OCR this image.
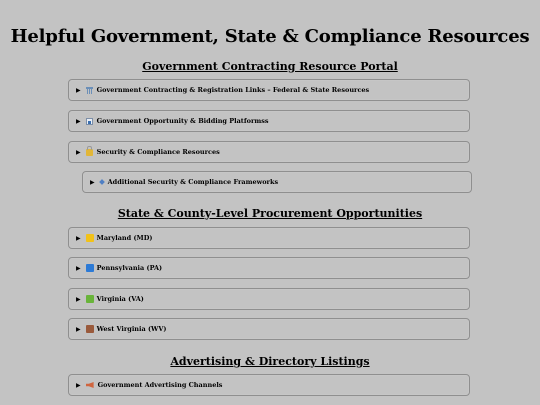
Helpful Government, State & Compliance Resources
Government Contracting Resource Portal
▶ Government Contracting & Registration Links – Federal & State Resources
▶ Government Opportunity & Bidding Platformss
▶ Security & Compliance Resources
▶ Additional Security & Compliance Frameworks
State & County-Level Procurement Opportunities
▶ Maryland (MD)
▶ Pennsylvania (PA)
▶ Virginia (VA)
▶ West Virginia (WV)
Advertising & Directory Listings
▶	Government Advertising Channels
